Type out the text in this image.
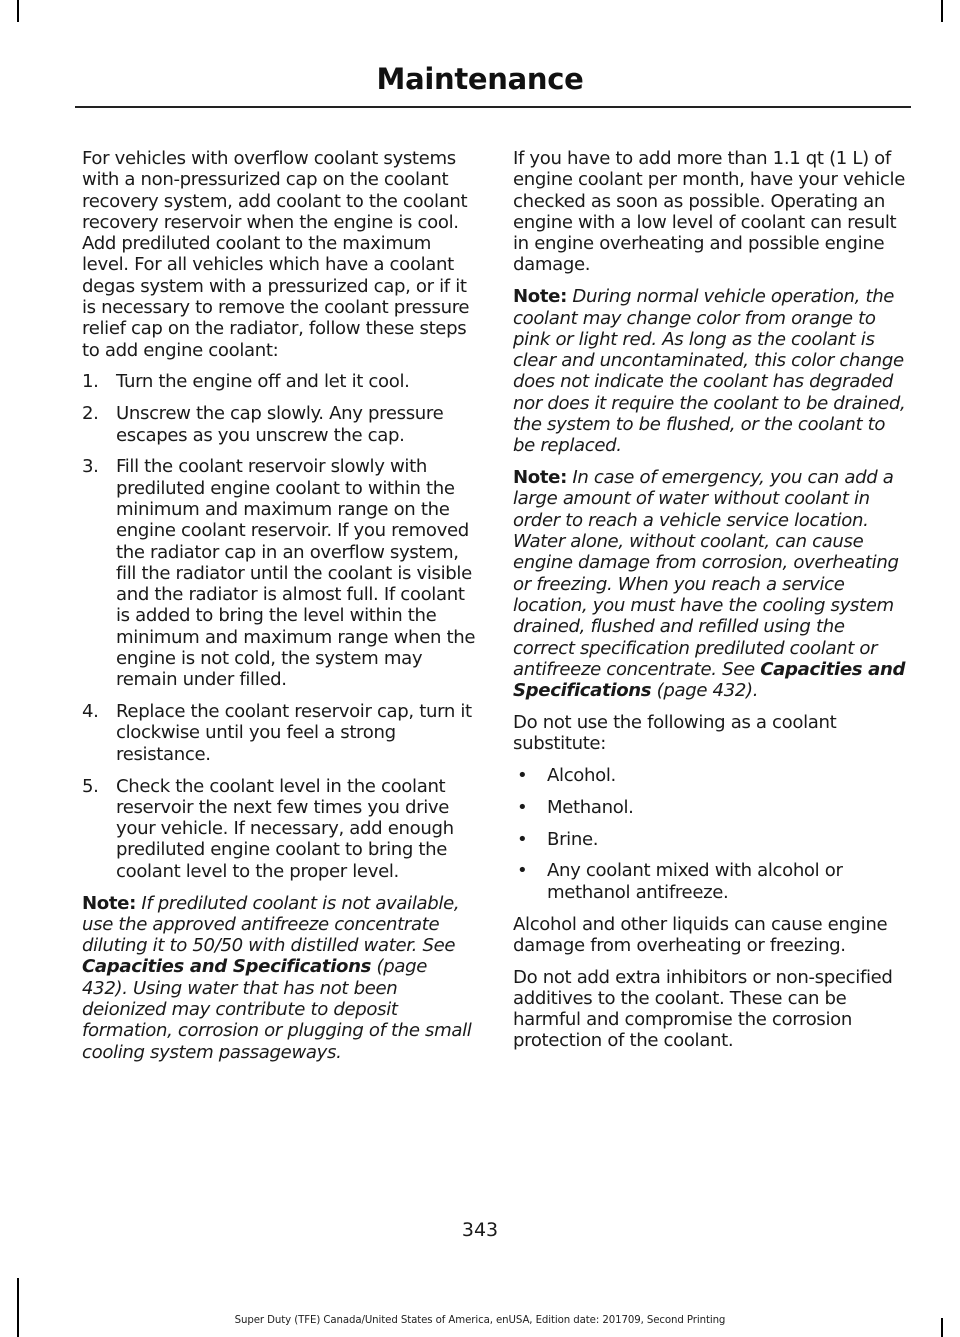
Maintenance

For vehicles with overflow coolant systems with a non-pressurized cap on the coolant recovery system, add coolant to the coolant recovery reservoir when the engine is cool. Add prediluted coolant to the maximum level. For all vehicles which have a coolant degas system with a pressurized cap, or if it is necessary to remove the coolant pressure relief cap on the radiator, follow these steps to add engine coolant:

1. Turn the engine off and let it cool.
2. Unscrew the cap slowly. Any pressure escapes as you unscrew the cap.
3. Fill the coolant reservoir slowly with prediluted engine coolant to within the minimum and maximum range on the engine coolant reservoir. If you removed the radiator cap in an overflow system, fill the radiator until the coolant is visible and the radiator is almost full. If coolant is added to bring the level within the minimum and maximum range when the engine is not cold, the system may remain under filled.
4. Replace the coolant reservoir cap, turn it clockwise until you feel a strong resistance.
5. Check the coolant level in the coolant reservoir the next few times you drive your vehicle. If necessary, add enough prediluted engine coolant to bring the coolant level to the proper level.

Note: If prediluted coolant is not available, use the approved antifreeze concentrate diluting it to 50/50 with distilled water. See Capacities and Specifications (page 432). Using water that has not been deionized may contribute to deposit formation, corrosion or plugging of the small cooling system passageways.

If you have to add more than 1.1 qt (1 L) of engine coolant per month, have your vehicle checked as soon as possible. Operating an engine with a low level of coolant can result in engine overheating and possible engine damage.

Note: During normal vehicle operation, the coolant may change color from orange to pink or light red. As long as the coolant is clear and uncontaminated, this color change does not indicate the coolant has degraded nor does it require the coolant to be drained, the system to be flushed, or the coolant to be replaced.

Note: In case of emergency, you can add a large amount of water without coolant in order to reach a vehicle service location. Water alone, without coolant, can cause engine damage from corrosion, overheating or freezing. When you reach a service location, you must have the cooling system drained, flushed and refilled using the correct specification prediluted coolant or antifreeze concentrate. See Capacities and Specifications (page 432).

Do not use the following as a coolant substitute:

• Alcohol.
• Methanol.
• Brine.
• Any coolant mixed with alcohol or methanol antifreeze.

Alcohol and other liquids can cause engine damage from overheating or freezing.

Do not add extra inhibitors or non-specified additives to the coolant. These can be harmful and compromise the corrosion protection of the coolant.

343
Super Duty (TFE) Canada/United States of America, enUSA, Edition date: 201709, Second Printing
